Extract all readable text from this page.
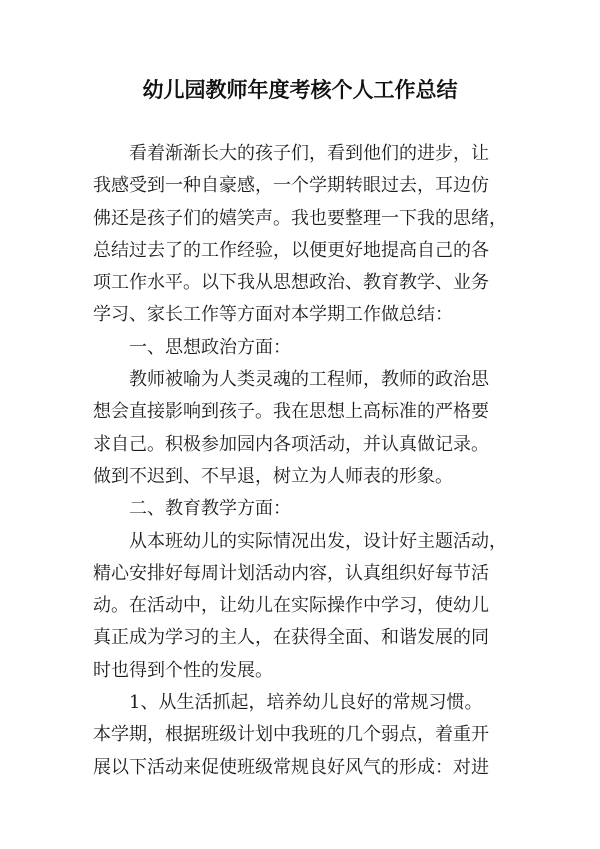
幼儿园教师年度考核个人工作总结
看着渐渐长大的孩子们，看到他们的进步，让
我感受到一种自豪感，一个学期转眼过去，耳边仿
佛还是孩子们的嬉笑声。我也要整理一下我的思绪，
总结过去了的工作经验，以便更好地提高自己的各
项工作水平。以下我从思想政治、教育教学、业务
学习、家长工作等方面对本学期工作做总结：
一、思想政治方面：
教师被喻为人类灵魂的工程师，教师的政治思
想会直接影响到孩子。我在思想上高标准的严格要
求自己。积极参加园内各项活动，并认真做记录。
做到不迟到、不早退，树立为人师表的形象。
二、教育教学方面：
从本班幼儿的实际情况出发，设计好主题活动，
精心安排好每周计划活动内容，认真组织好每节活
动。在活动中，让幼儿在实际操作中学习，使幼儿
真正成为学习的主人，在获得全面、和谐发展的同
时也得到个性的发展。
1、从生活抓起，培养幼儿良好的常规习惯。
本学期，根据班级计划中我班的几个弱点，着重开
展以下活动来促使班级常规良好风气的形成：对进
